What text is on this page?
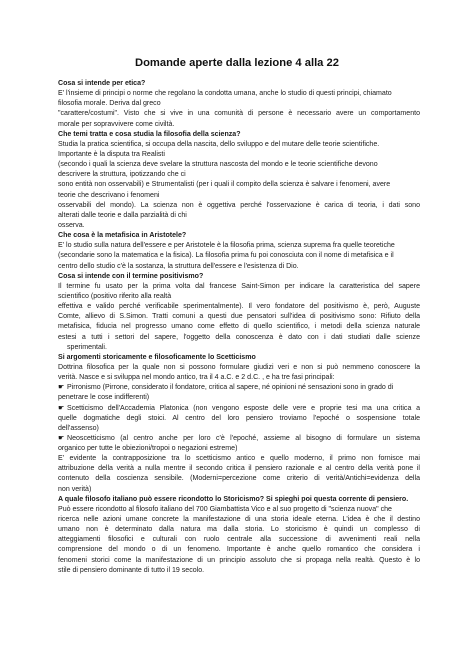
Domande aperte dalla lezione 4 alla 22
Cosa si intende per etica?
E' l'insieme di principi o norme che regolano la condotta umana, anche lo studio di questi principi, chiamato
filosofia morale. Deriva dal greco
"carattere/costumi". Visto che si vive in una comunità di persone è necessario avere un comportamento
morale per sopravvivere come civiltà.
Che temi tratta e cosa studia la filosofia della scienza?
Studia la pratica scientifica, si occupa della nascita, dello sviluppo e del mutare delle teorie scientifiche.
Importante è la disputa tra Realisti
(secondo i quali la scienza deve svelare la struttura nascosta del mondo e le teorie scientifiche devono
descrivere la struttura, ipotizzando che ci
sono entità non osservabili) e Strumentalisti (per i quali il compito della scienza è salvare i fenomeni, avere
teorie che descrivano i fenomeni
osservabili del mondo). La scienza non è oggettiva perché l'osservazione è carica di teoria, i dati sono
alterati dalle teorie e dalla parzialità di chi
osserva.
Che cosa è la metafisica in Aristotele?
E' lo studio sulla natura dell'essere e per Aristotele è la filosofia prima, scienza suprema fra quelle teoretiche
(secondarie sono la matematica e la fisica). La filosofia prima fu poi conosciuta con il nome di metafisica e il
centro dello studio c'è la sostanza, la struttura dell'essere e l'esistenza di Dio.
Cosa si intende con il termine positivismo?
Il termine fu usato per la prima volta dal francese Saint-Simon per indicare la caratteristica del sapere
scientifico (positivo riferito alla realtà
effettiva e valido perché verificabile sperimentalmente). Il vero fondatore del positivismo è, però, Auguste
Comte, allievo di S.Simon. Tratti comuni a questi due pensatori sull'idea di positivismo sono: Rifiuto della
metafisica, fiducia nel progresso umano come effetto di quello scientifico, i metodi della scienza naturale
estesi a tutti i settori del sapere, l'oggetto della conoscenza è dato con i dati studiati dalle scienze
sperimentali.
Si argomenti storicamente e filosoficamente lo Scetticismo
Dottrina filosofica per la quale non si possono formulare giudizi veri e non si può nemmeno conoscere la
verità. Nasce e si sviluppa nel mondo antico, tra il 4 a.C. e 2 d.C. , e ha tre fasi principali:
☛ Pirronismo (Pirrone, considerato il fondatore, critica al sapere, né opinioni né sensazioni sono in grado di
penetrare le cose indifferenti)
☛ Scetticismo dell'Accademia Platonica (non vengono esposte delle vere e proprie tesi ma una critica a
quelle dogmatiche degli stoici. Al centro del loro pensiero troviamo l'epoché o sospensione totale
dell'assenso)
☛ Neoscetticismo (al centro anche per loro c'è l'epoché, assieme al bisogno di formulare un sistema
organico per tutte le obiezioni/tropoi o negazioni estreme)
E' evidente la contrapposizione tra lo scetticismo antico e quello moderno, il primo non fornisce mai
attribuzione della verità a nulla mentre il secondo critica il pensiero razionale e al centro della verità pone il
contenuto della coscienza sensibile. (Moderni=percezione come criterio di verità/Antichi=evidenza della
non verità)
A quale filosofo italiano può essere ricondotto lo Storicismo? Si spieghi poi questa corrente di pensiero.
Può essere ricondotto al filosofo italiano del 700 Giambattista Vico e al suo progetto di "scienza nuova" che
ricerca nelle azioni umane concrete la manifestazione di una storia ideale eterna. L'idea è che il destino
umano non è determinato dalla natura ma dalla storia. Lo storicismo è quindi un complesso di
atteggiamenti filosofici e culturali con ruolo centrale alla successione di avvenimenti reali nella
comprensione del mondo o di un fenomeno. Importante è anche quello romantico che considera i
fenomeni storici come la manifestazione di un principio assoluto che si propaga nella realtà. Questo è lo
stile di pensiero dominante di tutto il 19 secolo.
